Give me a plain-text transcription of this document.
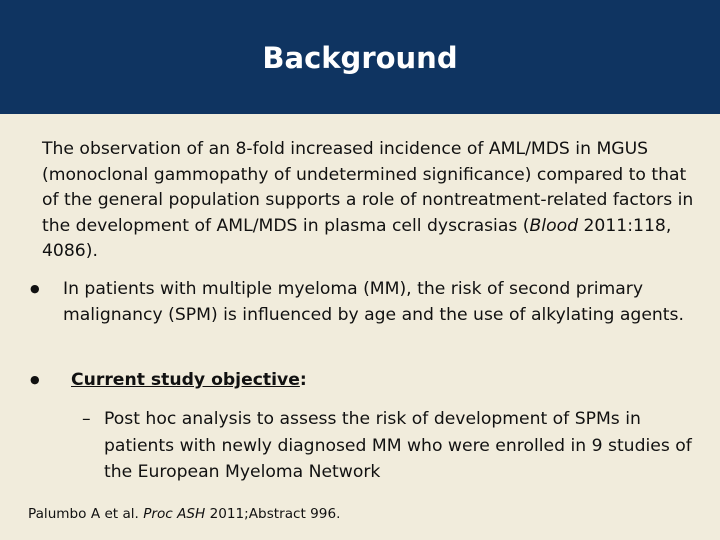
Background

The observation of an 8-fold increased incidence of AML/MDS in MGUS (monoclonal gammopathy of undetermined significance) compared to that of the general population supports a role of nontreatment-related factors in the development of AML/MDS in plasma cell dyscrasias (Blood 2011:118, 4086).

●	In patients with multiple myeloma (MM), the risk of second primary malignancy (SPM) is influenced by age and the use of alkylating agents.
●	Current study objective:
– Post hoc analysis to assess the risk of development of SPMs in patients with newly diagnosed MM who were enrolled in 9 studies of the European Myeloma Network
Palumbo A et al. Proc ASH 2011;Abstract 996.
